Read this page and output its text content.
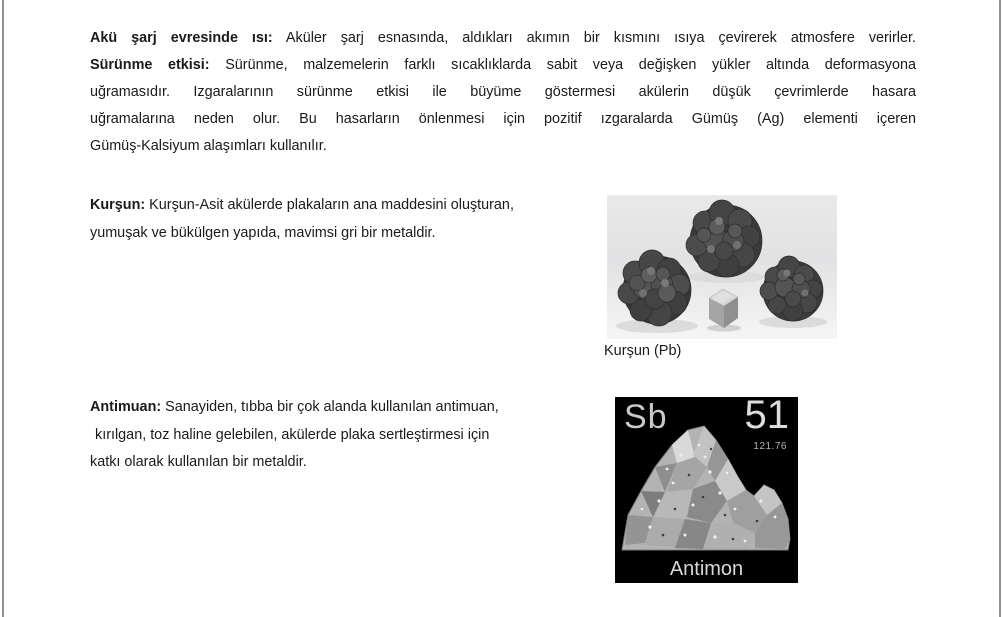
Akü şarj evresinde ısı: Aküler şarj esnasında, aldıkları akımın bir kısmını ısıya çevirerek atmosfere verirler.
Sürünme etkisi: Sürünme, malzemelerin farklı sıcaklıklarda sabit veya değişken yükler altında deformasyona
uğramasıdır. Izgaralarının sürünme etkisi ile büyüme göstermesi akülerin düşük çevrimlerde hasara
uğramalarına neden olur. Bu hasarların önlenmesi için pozitif ızgaralarda Gümüş (Ag) elementi içeren
Gümüş-Kalsiyum alaşımları kullanılır.
Kurşun: Kurşun-Asit akülerde plakaların ana maddesini oluşturan,
yumuşak ve bükülgen yapıda, mavimsi gri bir metaldir.
Kurşun (Pb)
Antimuan: Sanayiden, tıbba bir çok alanda kullanılan antimuan,
kırılgan, toz haline gelebilen, akülerde plaka sertleştirmesi için
katkı olarak kullanılan bir metaldir.
Sb 51
121.76
Antimon
